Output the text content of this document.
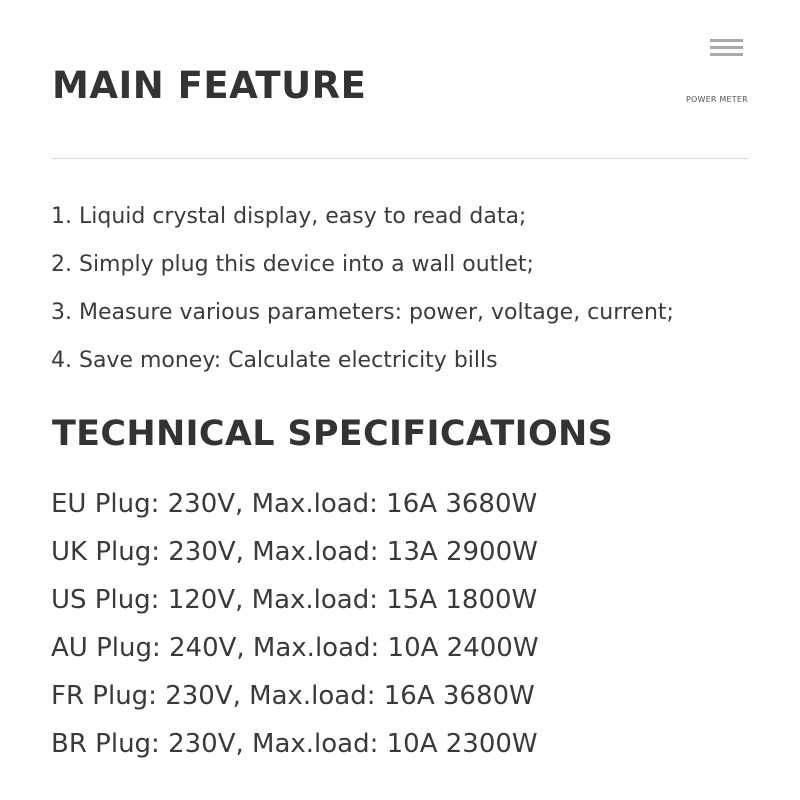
MAIN FEATURE	POWER METER
1. Liquid crystal display, easy to read data;
2. Simply plug this device into a wall outlet;
3. Measure various parameters: power, voltage, current;
4. Save money: Calculate electricity bills
TECHNICAL SPECIFICATIONS
EU Plug: 230V, Max.load: 16A 3680W
UK Plug: 230V, Max.load: 13A 2900W
US Plug: 120V, Max.load: 15A 1800W
AU Plug: 240V, Max.load: 10A 2400W
FR Plug: 230V, Max.load: 16A 3680W
BR Plug: 230V, Max.load: 10A 2300W
